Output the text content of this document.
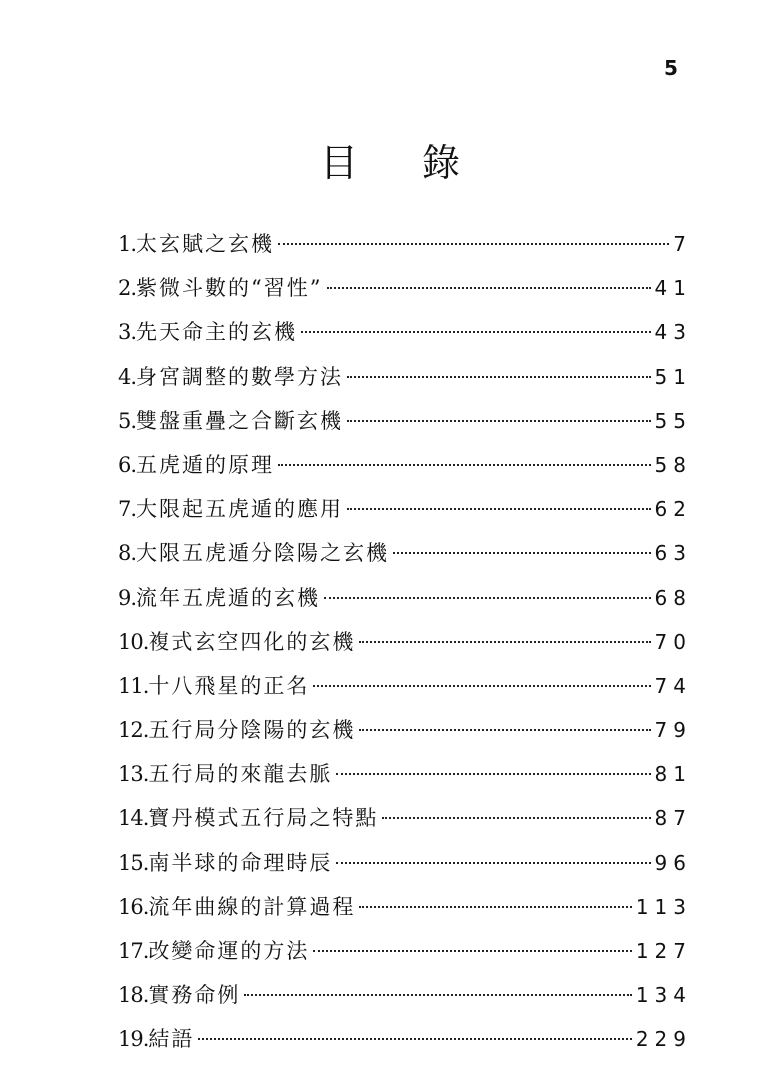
5
目 錄
1. 太玄賦之玄機	7
2. 紫微斗數的“習性”	41
3. 先天命主的玄機	43
4. 身宮調整的數學方法	51
5. 雙盤重疊之合斷玄機	55
6. 五虎遁的原理	58
7. 大限起五虎遁的應用	62
8. 大限五虎遁分陰陽之玄機	63
9. 流年五虎遁的玄機	68
10. 複式玄空四化的玄機	70
11. 十八飛星的正名	74
12. 五行局分陰陽的玄機	79
13. 五行局的來龍去脈	81
14. 寶丹模式五行局之特點	87
15. 南半球的命理時辰	96
16. 流年曲線的計算過程	113
17. 改變命運的方法	127
18. 實務命例	134
19. 結語	229
